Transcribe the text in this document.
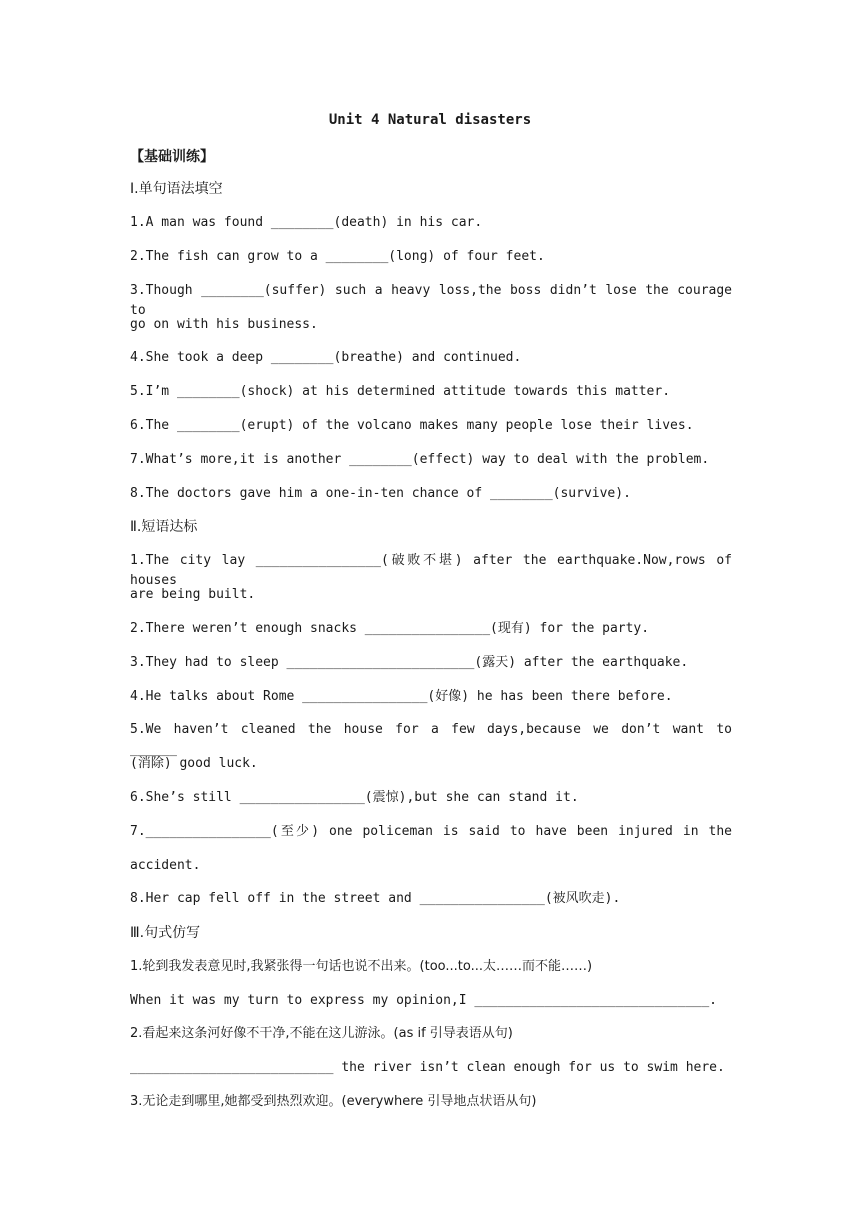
Unit 4 Natural disasters
【基础训练】
Ⅰ.单句语法填空
1.A man was found ________(death) in his car.
2.The fish can grow to a ________(long) of four feet.
3.Though ________(suffer) such a heavy loss,the boss didn’t lose the courage to
go on with his business.
4.She took a deep ________(breathe) and continued.
5.I’m ________(shock) at his determined attitude towards this matter.
6.The ________(erupt) of the volcano makes many people lose their lives.
7.What’s more,it is another ________(effect) way to deal with the problem.
8.The doctors gave him a one-in-ten chance of ________(survive).
Ⅱ.短语达标
1.The city lay ________________(破败不堪) after the earthquake.Now,rows of houses
are being built.
2.There weren’t enough snacks ________________(现有) for the party.
3.They had to sleep ________________________(露天) after the earthquake.
4.He talks about Rome ________________(好像) he has been there before.
5.We haven’t cleaned the house for a few days,because we don’t want to ______
(消除) good luck.
6.She’s still ________________(震惊),but she can stand it.
7.________________(至少) one policeman is said to have been injured in the
accident.
8.Her cap fell off in the street and ________________(被风吹走).
Ⅲ.句式仿写
1.轮到我发表意见时,我紧张得一句话也说不出来。(too...to...太……而不能……)
When it was my turn to express my opinion,I ______________________________.
2.看起来这条河好像不干净,不能在这儿游泳。(as if 引导表语从句)
__________________________ the river isn’t clean enough for us to swim here.
3.无论走到哪里,她都受到热烈欢迎。(everywhere 引导地点状语从句)
